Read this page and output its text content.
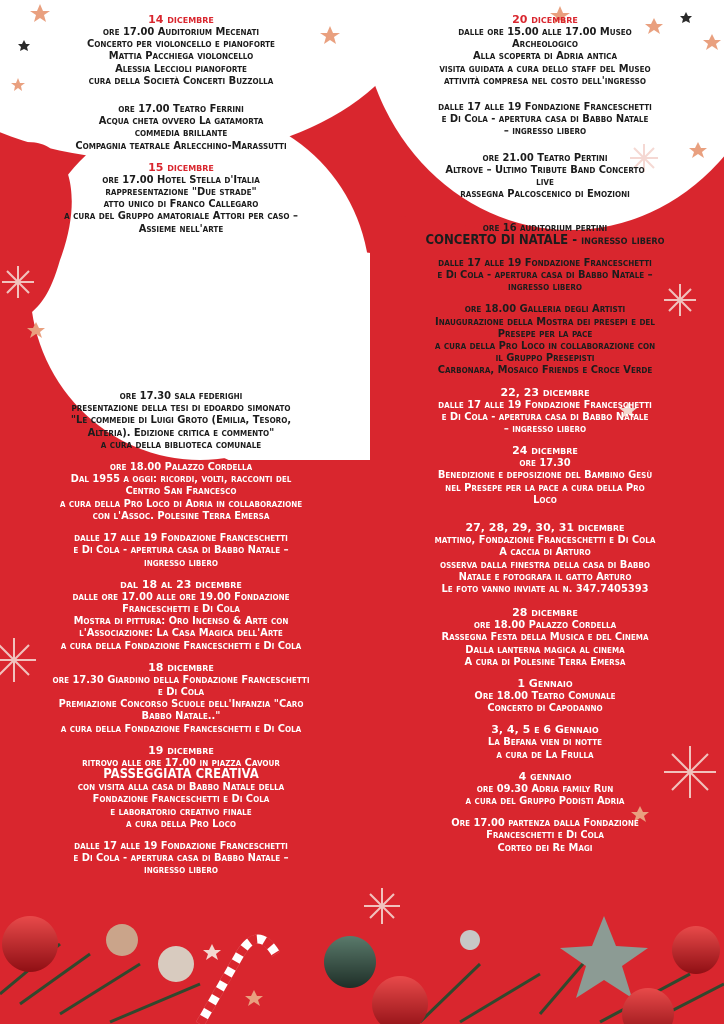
14 dicembre
ore 17.00 Auditorium Mecenati
Concerto per violoncello e pianoforte
Mattia Pacchiega violoncello
Alessia Leccioli pianoforte
cura della Società Concerti Buzzolla
ore 17.00 Teatro Ferrini
Acqua cheta ovvero La gatamorta
commedia brillante
Compagnia teatrale Arlecchino-Marassutti
15 dicembre
ore 17.00 Hotel Stella d'Italia
rappresentazione "Due strade"
atto unico di Franco Callegaro
a cura del Gruppo amatoriale Attori per caso –
Assieme nell'arte
dalle 17 alle 19 Fondazione Franceschetti
e Di Cola - apertura casa di Babbo Natale –
ingresso libero
16 dicembre
dalle 17 alle 19 Fondazione Franceschetti
e Di Cola - apertura casa di Babbo Natale –
ingresso libero
17 dicembre
ore 17.30 sala federighi
presentazione della tesi di edoardo simonato
"Le commedie di Luigi Groto (Emilia, Tesoro,
Alteria). Edizione critica e commento"
a cura della biblioteca comunale
ore 18.00 Palazzo Cordella
Dal 1955 a oggi: ricordi, volti, racconti del
Centro San Francesco
a cura della Pro Loco di Adria in collaborazione
con l'Assoc. Polesine Terra Emersa
dalle 17 alle 19 Fondazione Franceschetti
e Di Cola - apertura casa di Babbo Natale –
ingresso libero
dal 18 al 23 dicembre
dalle ore 17.00 alle ore 19.00 Fondazione
Franceschetti e Di Cola
Mostra di pittura: Oro Incenso & Arte con
l'Associazione: La Casa Magica dell'Arte
a cura della Fondazione Franceschetti e Di Cola
18 dicembre
ore 17.30 Giardino della Fondazione Franceschetti
e Di Cola
Premiazione Concorso Scuole dell'Infanzia "Caro
Babbo Natale.."
a cura della Fondazione Franceschetti e Di Cola
19 dicembre
ritrovo alle ore 17.00 in piazza Cavour
PASSEGGIATA CREATIVA
con visita alla casa di Babbo Natale della
Fondazione Franceschetti e Di Cola
e laboratorio creativo finale
a cura della Pro Loco
dalle 17 alle 19 Fondazione Franceschetti
e Di Cola - apertura casa di Babbo Natale –
ingresso libero
20 dicembre
dalle ore 15.00 alle 17.00 Museo
Archeologico
Alla scoperta di Adria antica
visita guidata a cura dello staff del Museo
attività compresa nel costo dell'ingresso
dalle 17 alle 19 Fondazione Franceschetti
e Di Cola - apertura casa di Babbo Natale
– ingresso libero
ore 21.00 Teatro Pertini
Altrove – Ultimo Tribute Band Concerto
live
rassegna Palcoscenico di Emozioni
21 dicembre
ore 16 auditorium pertini
CONCERTO DI NATALE - ingresso libero
dalle 17 alle 19 Fondazione Franceschetti
e Di Cola - apertura casa di Babbo Natale –
ingresso libero
ore 18.00 Galleria degli Artisti
Inaugurazione della Mostra dei presepi e del
Presepe per la pace
a cura della Pro Loco in collaborazione con
il Gruppo Presepisti
Carbonara, Mosaico Friends e Croce Verde
22, 23 dicembre
dalle 17 alle 19 Fondazione Franceschetti
e Di Cola - apertura casa di Babbo Natale
– ingresso libero
24 dicembre
ore 17.30
Benedizione e deposizione del Bambino Gesù
nel Presepe per la pace a cura della Pro
Loco
27, 28, 29, 30, 31 dicembre
mattino, Fondazione Franceschetti e Di Cola
A caccia di Arturo
osserva dalla finestra della casa di Babbo
Natale e fotografa il gatto Arturo
Le foto vanno inviate al n. 347.7405393
28 dicembre
ore 18.00 Palazzo Cordella
Rassegna Festa della Musica e del Cinema
Dalla lanterna magica al cinema
A cura di Polesine Terra Emersa
1 Gennaio
Ore 18.00 Teatro Comunale
Concerto di Capodanno
3, 4, 5 e 6 Gennaio
La Befana vien di notte
a cura de La Frulla
4 gennaio
ore 09.30 Adria family Run
a cura del Gruppo Podisti Adria
Ore 17.00 partenza dalla Fondazione
Franceschetti e Di Cola
Corteo dei Re Magi
